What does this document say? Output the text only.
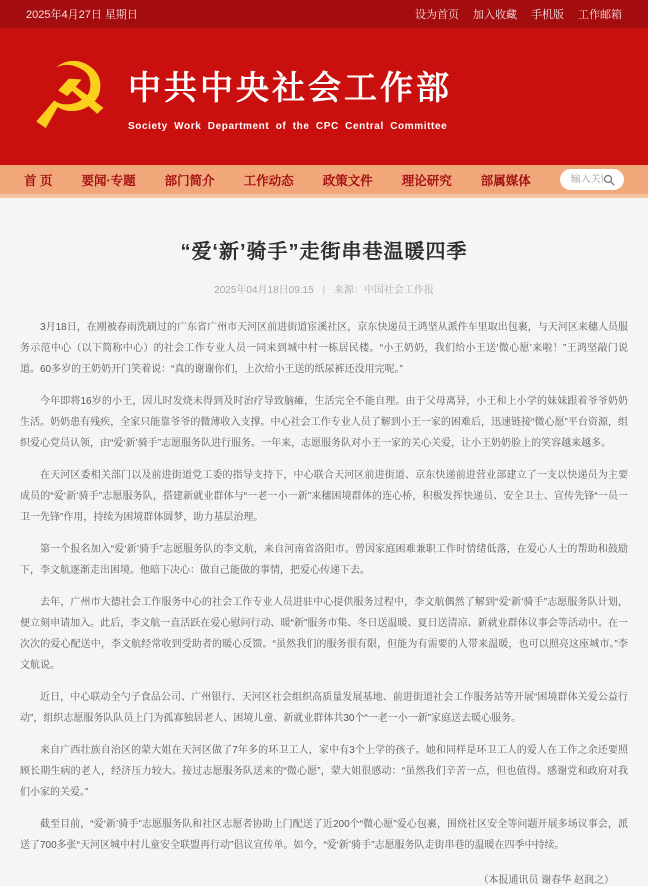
2025年4月27日 星期日	设为首页 加入收藏 手机版 工作邮箱
☭ 中共中央社会工作部
Society Work Department of the CPC Central Committee
首 页 要闻·专题 部门简介 工作动态 政策文件 理论研究 部属媒体
输入关键字
“爱‘新’骑手”走街串巷温暖四季
2025年04月18日09:15 | 来源：中国社会工作报

3月18日，在刚被春雨洗刷过的广东省广州市天河区前进街道宦溪社区，京东快递员王鸿坚从派件车里取出包裹，与天河区来穗人员服务示范中心（以下简称中心）的社会工作专业人员一同来到城中村一栋居民楼。“小王奶奶，我们给小王送‘微心愿’来啦！”王鸿坚敲门说道。60多岁的王奶奶开门笑着说：“真的谢谢你们，上次给小王送的纸尿裤还没用完呢。”

今年即将16岁的小王，因儿时发烧未得到及时治疗导致脑瘫，生活完全不能自理。由于父母离异，小王和上小学的妹妹跟着爷爷奶奶生活。奶奶患有残疾，全家只能靠爷爷的微薄收入支撑。中心社会工作专业人员了解到小王一家的困难后，迅速链接“微心愿”平台资源，组织爱心党员认领，由“爱‘新’骑手”志愿服务队进行服务。一年来，志愿服务队对小王一家的关心关爱，让小王奶奶脸上的笑容越来越多。

在天河区委相关部门以及前进街道党工委的指导支持下，中心联合天河区前进街道、京东快递前进营业部建立了一支以快递员为主要成员的“爱‘新’骑手”志愿服务队，搭建新就业群体与“一老一小一新”来穗困境群体的连心桥，积极发挥快递员、安全卫士、宣传先锋“一员一卫一先锋”作用，持续为困境群体圆梦，助力基层治理。

第一个报名加入“爱‘新’骑手”志愿服务队的李文航，来自河南省洛阳市。曾因家庭困难兼职工作时情绪低落，在爱心人士的帮助和鼓励下，李文航逐渐走出困境。他暗下决心：做自己能做的事情，把爱心传递下去。

去年，广州市大德社会工作服务中心的社会工作专业人员进驻中心提供服务过程中，李文航偶然了解到“爱‘新’骑手”志愿服务队计划，便立刻申请加入。此后，李文航一直活跃在爱心慰问行动、暖“新”服务市集、冬日送温暖、夏日送清凉、新就业群体议事会等活动中。在一次次的爱心配送中，李文航经常收到受助者的暖心反馈。“虽然我们的服务很有限，但能为有需要的人带来温暖，也可以照亮这座城市。”李文航说。

近日，中心联动全勺子食品公司、广州银行、天河区社会组织高质量发展基地、前进街道社会工作服务站等开展“困境群体关爱公益行动”，组织志愿服务队队员上门为孤寡独居老人、困境儿童、新就业群体共30个“一老一小一新”家庭送去暖心服务。

来自广西壮族自治区的蒙大姐在天河区做了7年多的环卫工人，家中有3个上学的孩子。她和同样是环卫工人的爱人在工作之余还要照顾长期生病的老人，经济压力较大。接过志愿服务队送来的“微心愿”，蒙大姐很感动：“虽然我们辛苦一点，但也值得。感谢党和政府对我们小家的关爱。”

截至目前，“爱‘新’骑手”志愿服务队和社区志愿者协助上门配送了近200个“微心愿”爱心包裹，围绕社区安全等问题开展多场议事会，派送了700多张“天河区城中村儿童安全联盟再行动”倡议宣传单。如今，“爱‘新’骑手”志愿服务队走街串巷的温暖在四季中持续。

（本报通讯员 谢春华 赵润之）
